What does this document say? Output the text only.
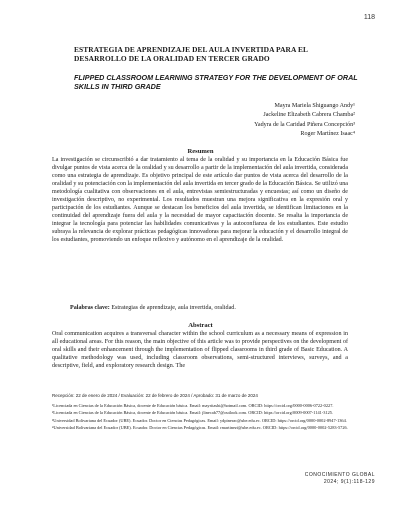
118
ESTRATEGIA DE APRENDIZAJE DEL AULA INVERTIDA PARA EL DESARROLLO DE LA ORALIDAD EN TERCER GRADO
FLIPPED CLASSROOM LEARNING STRATEGY FOR THE DEVELOPMENT OF ORAL SKILLS IN THIRD GRADE
Mayra Mariela Shiguango Andy¹
Jackeline Elizabeth Cabrera Chamba²
Yadyra de la Caridad Piñera Concepción³
Roger Martínez Isaac⁴
Resumen
La investigación se circunscribió a dar tratamiento al tema de la oralidad y su importancia en la Educación Básica fue divulgar puntos de vista acerca de la oralidad y su desarrollo a partir de la implementación del aula invertida, considerada como una estrategia de aprendizaje. Es objetivo principal de este artículo dar puntos de vista acerca del desarrollo de la oralidad y su potenciación con la implementación del aula invertida en tercer grado de la Educación Básica. Se utilizó una metodología cualitativa con observaciones en el aula, entrevistas semiestructuradas y encuestas; así como un diseño de investigación descriptivo, no experimental. Los resultados muestran una mejora significativa en la expresión oral y participación de los estudiantes. Aunque se destacan los beneficios del aula invertida, se identifican limitaciones en la continuidad del aprendizaje fuera del aula y la necesidad de mayor capacitación docente. Se resalta la importancia de integrar la tecnología para potenciar las habilidades comunicativas y la autoconfianza de los estudiantes. Este estudio subraya la relevancia de explorar prácticas pedagógicas innovadoras para mejorar la educación y el desarrollo integral de los estudiantes, promoviendo un enfoque reflexivo y autónomo en el aprendizaje de la oralidad.
Palabras clave: Estrategias de aprendizaje, aula invertida, oralidad.
Abstract
Oral communication acquires a transversal character within the school curriculum as a necessary means of expression in all educational areas. For this reason, the main objective of this article was to provide perspectives on the development of oral skills and their enhancement through the implementation of flipped classrooms in third grade of Basic Education. A qualitative methodology was used, including classroom observations, semi-structured interviews, surveys, and a descriptive, field, and exploratory research design. The
Recepción: 22 de enero de 2024 / Evaluación: 22 de febrero de 2024 / Aprobado: 31 de marzo de 2024

¹Licenciada en Ciencias de la Educación Básica, docente de Educación básica. Email: mayritashi@hotmail.com. ORCID: https://orcid.org/0000-0006-0722-0227.

²Licenciada en Ciencias de la Educación Básica, docente de Educación básica. Email: jlinecab77@outlook.com. ORCID: https://orcid.org/0009-0007-1141-3125.

³Universidad Bolivariana del Ecuador (UBE). Ecuador. Doctor en Ciencias Pedagógicas. Email: ydpinerac@ube.edu.ec. ORCID: https://orcid.org/0000-0002-8947-1364.

⁴Universidad Bolivariana del Ecuador (UBE). Ecuador. Doctor en Ciencias Pedagógicas. Email: rmartinezi@ube.edu.ec. ORCID: https://orcid.org/0000-0002-5283-5726.

CONOCIMIENTO GLOBAL
2024; 9(1):118-129
